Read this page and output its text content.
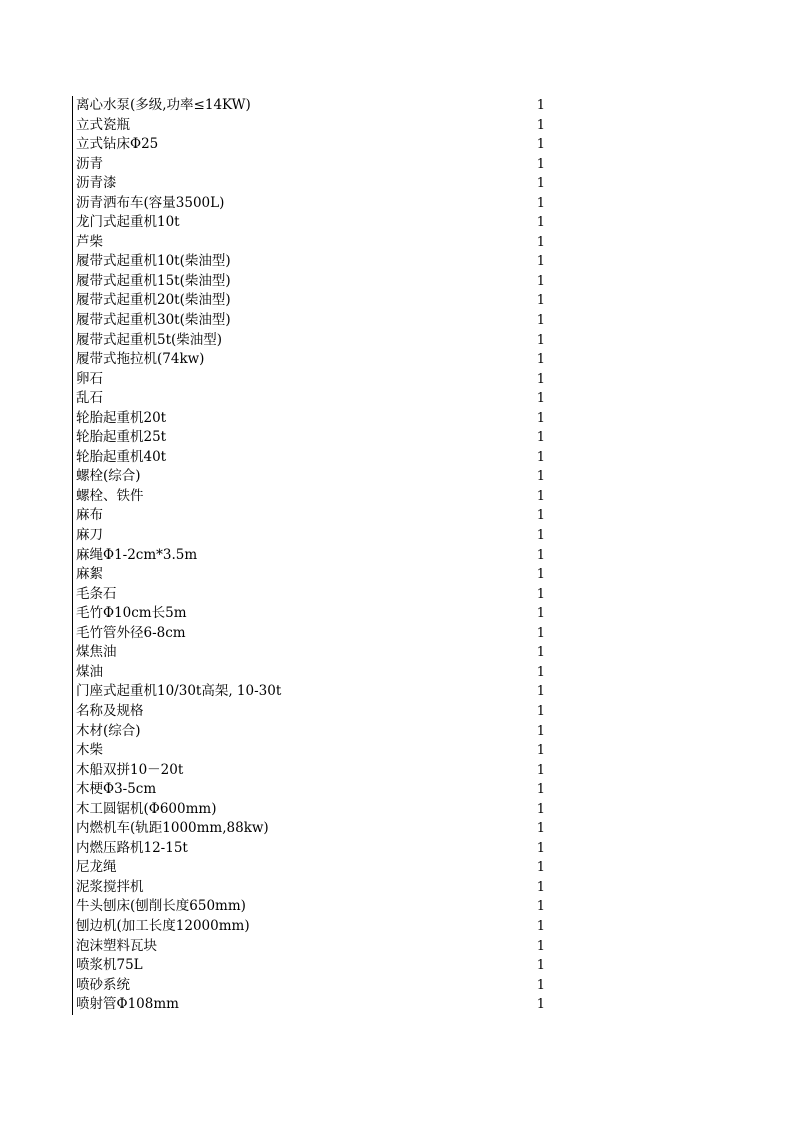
离心水泵(多级,功率≤14KW)	1
立式瓷瓶	1
立式钻床Φ25	1
沥青	1
沥青漆	1
沥青洒布车(容量3500L)	1
龙门式起重机10t	1
芦柴	1
履带式起重机10t(柴油型)	1
履带式起重机15t(柴油型)	1
履带式起重机20t(柴油型)	1
履带式起重机30t(柴油型)	1
履带式起重机5t(柴油型)	1
履带式拖拉机(74kw)	1
卵石	1
乱石	1
轮胎起重机20t	1
轮胎起重机25t	1
轮胎起重机40t	1
螺栓(综合)	1
螺栓、铁件	1
麻布	1
麻刀	1
麻绳Φ1-2cm*3.5m	1
麻絮	1
毛条石	1
毛竹Φ10cm长5m	1
毛竹管外径6-8cm	1
煤焦油	1
煤油	1
门座式起重机10/30t高架, 10-30t	1
名称及规格	1
木材(综合)	1
木柴	1
木船双拼10－20t	1
木梗Φ3-5cm	1
木工圆锯机(Φ600mm)	1
内燃机车(轨距1000mm,88kw)	1
内燃压路机12-15t	1
尼龙绳	1
泥浆搅拌机	1
牛头刨床(刨削长度650mm)	1
刨边机(加工长度12000mm)	1
泡沫塑料瓦块	1
喷浆机75L	1
喷砂系统	1
喷射管Φ108mm	1
